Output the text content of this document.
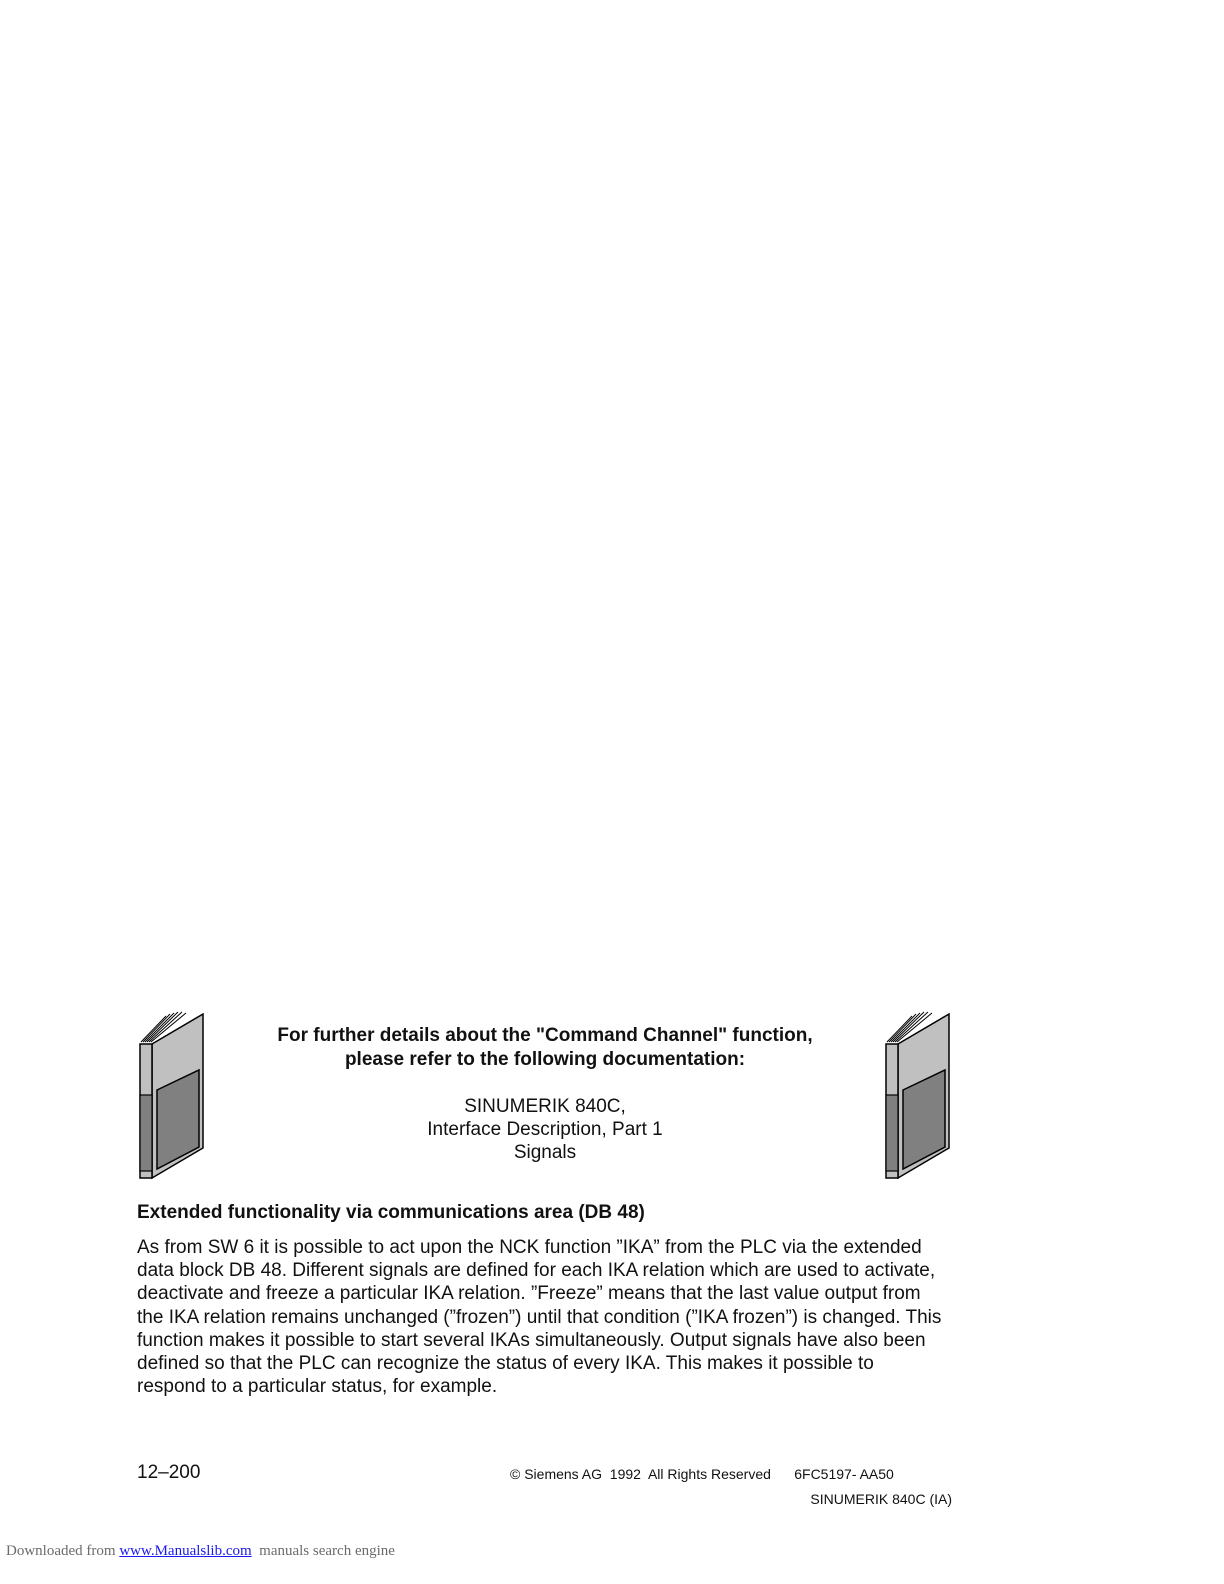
For further details about the "Command Channel" function,
please refer to the following documentation:

SINUMERIK 840C,
Interface Description, Part 1
Signals
Extended functionality via communications area (DB 48)

As from SW 6 it is possible to act upon the NCK function ”IKA” from the PLC via the extended data block DB 48. Different signals are defined for each IKA relation which are used to activate, deactivate and freeze a particular IKA relation. ”Freeze” means that the last value output from the IKA relation remains unchanged (”frozen”) until that condition (”IKA frozen”) is changed. This function makes it possible to start several IKAs simultaneously. Output signals have also been defined so that the PLC can recognize the status of every IKA. This makes it possible to respond to a particular status, for example.

12–200	© Siemens AG  1992  All Rights Reserved      6FC5197- AA50
SINUMERIK 840C (IA)
Downloaded from www.Manualslib.com  manuals search engine
